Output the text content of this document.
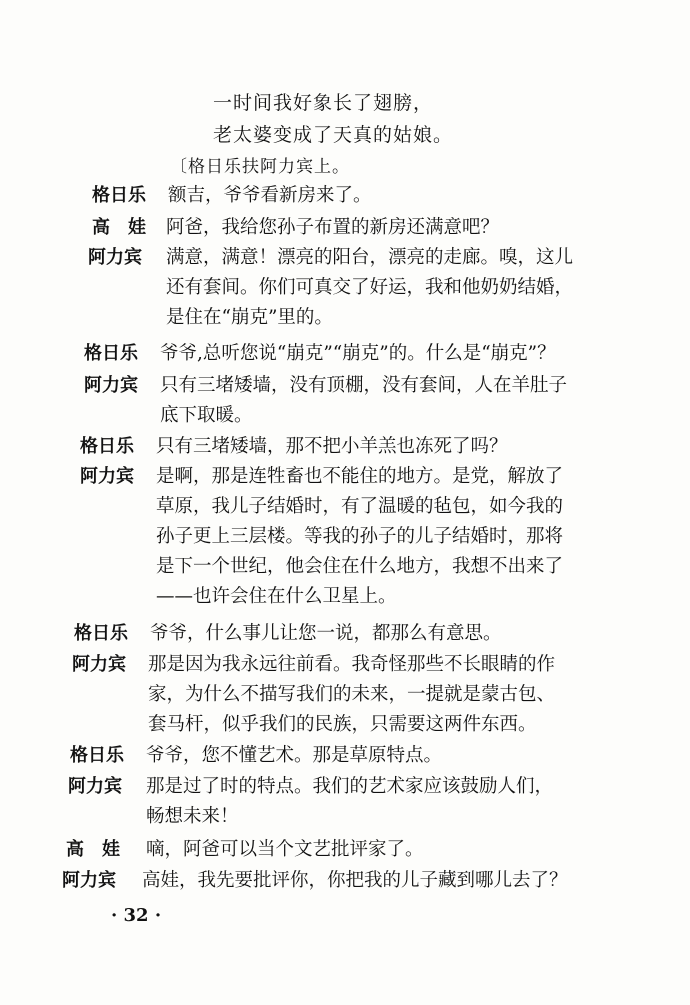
一时间我好象长了翅膀，
老太婆变成了天真的姑娘。
〔格日乐扶阿力宾上。
格日乐 额吉，爷爷看新房来了。
高　娃 阿爸，我给您孙子布置的新房还满意吧？
阿力宾 满意，满意！漂亮的阳台，漂亮的走廊。嗅，这儿
还有套间。你们可真交了好运，我和他奶奶结婚，
是住在“崩克”里的。
格日乐 爷爷,总听您说“崩克”“崩克”的。什么是“崩克”？
阿力宾 只有三堵矮墙，没有顶棚，没有套间，人在羊肚子
底下取暖。
格日乐 只有三堵矮墙，那不把小羊羔也冻死了吗？
阿力宾 是啊，那是连牲畜也不能住的地方。是党，解放了
草原，我儿子结婚时，有了温暖的毡包，如今我的
孙子更上三层楼。等我的孙子的儿子结婚时，那将
是下一个世纪，他会住在什么地方，我想不出来了
——也许会住在什么卫星上。
格日乐 爷爷，什么事儿让您一说，都那么有意思。
阿力宾 那是因为我永远往前看。我奇怪那些不长眼睛的作
家，为什么不描写我们的未来，一提就是蒙古包、
套马杆，似乎我们的民族，只需要这两件东西。
格日乐 爷爷，您不懂艺术。那是草原特点。
阿力宾 那是过了时的特点。我们的艺术家应该鼓励人们，
畅想未来！
高　娃 嘀，阿爸可以当个文艺批评家了。
阿力宾 高娃，我先要批评你，你把我的儿子藏到哪儿去了？
· 32 ·
